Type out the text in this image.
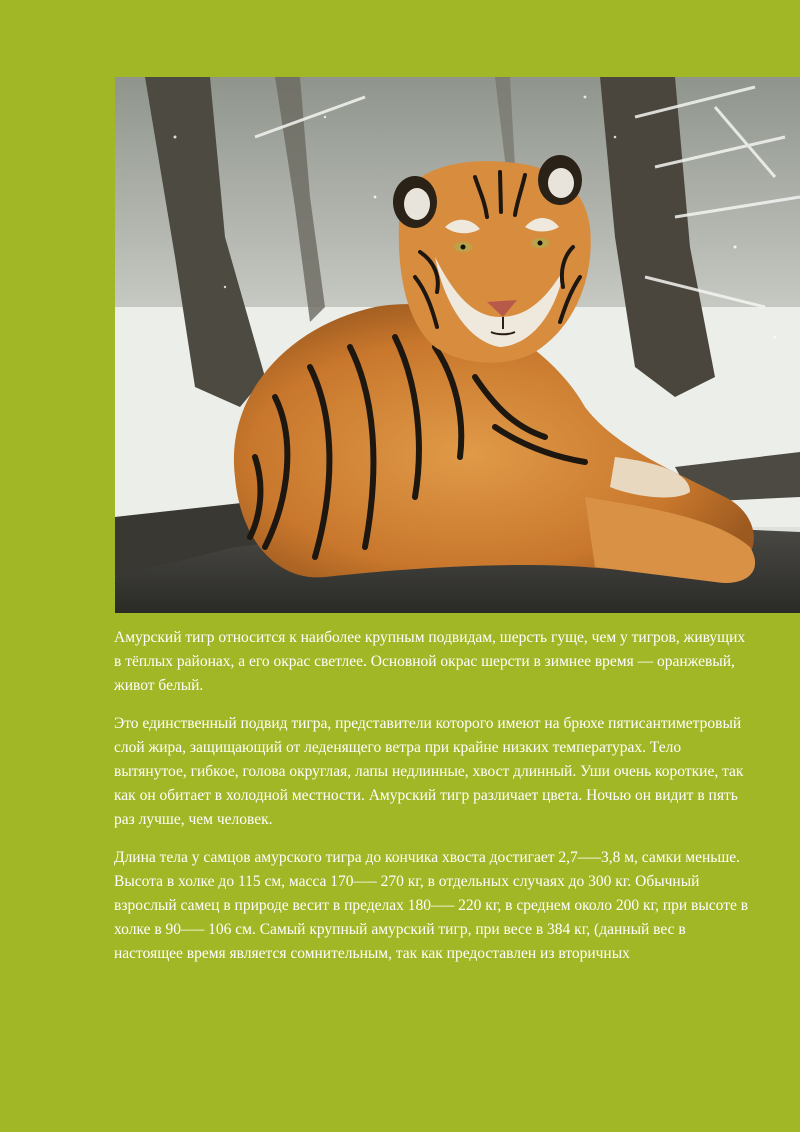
Амурский тигр относится к наиболее крупным подвидам, шерсть гуще, чем у тигров, живущих в тёплых районах, а его окрас светлее. Основной окрас шерсти в зимнее время — оранжевый, живот белый.

Это единственный подвид тигра, представители которого имеют на брюхе пятисантиметровый слой жира, защищающий от леденящего ветра при крайне низких температурах. Тело вытянутое, гибкое, голова округлая, лапы недлинные, хвост длинный. Уши очень короткие, так как он обитает в холодной местности. Амурский тигр различает цвета. Ночью он видит в пять раз лучше, чем человек.

Длина тела у самцов амурского тигра до кончика хвоста достигает 2,7—–3,8 м, самки меньше. Высота в холке до 115 см, масса 170—– 270 кг, в отдельных случаях до 300 кг. Обычный взрослый самец в природе весит в пределах 180—– 220 кг, в среднем около 200 кг, при высоте в холке в 90—– 106 см. Самый крупный амурский тигр, при весе в 384 кг, (данный вес в настоящее время является сомнительным, так как предоставлен из вторичных
